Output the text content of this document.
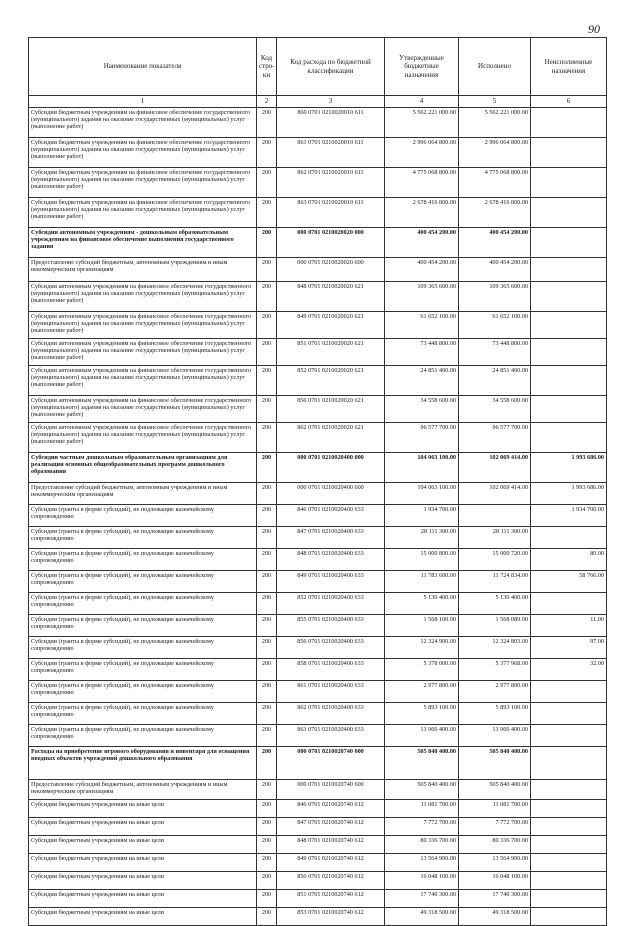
90
Наименование показателя	Код стро-ки	Код расхода по бюджетной классификации	Утвержденные бюджетные назначения	Исполнено	Неисполненные назначения
1	2	3	4	5	6
Субсидии бюджетным учреждениям на финансовое обеспечение государственного (муниципального) задания на оказание государственных (муниципальных) услуг (выполнение работ)	200	860 0701 0210020010 611	5 562 221 000.00	5 562 221 000.00	
Субсидии бюджетным учреждениям на финансовое обеспечение государственного (муниципального) задания на оказание государственных (муниципальных) услуг (выполнение работ)	200	861 0701 0210020010 611	2 996 064 800.00	2 996 064 800.00	
Субсидии бюджетным учреждениям на финансовое обеспечение государственного (муниципального) задания на оказание государственных (муниципальных) услуг (выполнение работ)	200	862 0701 0210020010 611	4 775 068 800.00	4 775 068 800.00	
Субсидии бюджетным учреждениям на финансовое обеспечение государственного (муниципального) задания на оказание государственных (муниципальных) услуг (выполнение работ)	200	863 0701 0210020010 611	2 678 416 800.00	2 678 416 800.00	
Субсидии автономным учреждениям - дошкольным образовательным учреждениям на финансовое обеспечение выполнения государственного задания	200	000 0701 0210020020 000	400 454 200.00	400 454 200.00	
Предоставление субсидий бюджетным, автономным учреждениям и иным некоммерческим организациям	200	000 0701 0210020020 600	400 454 200.00	400 454 200.00	
Субсидии автономным учреждениям на финансовое обеспечение государственного (муниципального) задания на оказание государственных (муниципальных) услуг (выполнение работ)	200	848 0701 0210020020 621	109 365 600.00	109 365 600.00	
Субсидии автономным учреждениям на финансовое обеспечение государственного (муниципального) задания на оказание государственных (муниципальных) услуг (выполнение работ)	200	849 0701 0210020020 621	61 652 100.00	61 652 100.00	
Субсидии автономным учреждениям на финансовое обеспечение государственного (муниципального) задания на оказание государственных (муниципальных) услуг (выполнение работ)	200	851 0701 0210020020 621	73 448 800.00	73 448 800.00	
Субсидии автономным учреждениям на финансовое обеспечение государственного (муниципального) задания на оказание государственных (муниципальных) услуг (выполнение работ)	200	852 0701 0210020020 621	24 851 400.00	24 851 400.00	
Субсидии автономным учреждениям на финансовое обеспечение государственного (муниципального) задания на оказание государственных (муниципальных) услуг (выполнение работ)	200	856 0701 0210020020 621	34 558 600.00	34 558 600.00	
Субсидии автономным учреждениям на финансовое обеспечение государственного (муниципального) задания на оказание государственных (муниципальных) услуг (выполнение работ)	200	862 0701 0210020020 621	96 577 700.00	96 577 700.00	
Субсидии частным дошкольным образовательным организациям для реализации основных общеобразовательных программ дошкольного образования	200	000 0701 0210020400 000	104 063 100.00	102 069 414.00	1 993 686.00
Предоставление субсидий бюджетным, автономным учреждениям и иным некоммерческим организациям	200	000 0701 0210020400 600	104 063 100.00	102 069 414.00	1 993 686.00
Субсидии (гранты в форме субсидий), не подлежащие казначейскому сопровождению	200	846 0701 0210020400 633	1 934 700.00		1 934 700.00
Субсидии (гранты в форме субсидий), не подлежащие казначейскому сопровождению	200	847 0701 0210020400 633	28 111 300.00	28 111 300.00	
Субсидии (гранты в форме субсидий), не подлежащие казначейскому сопровождению	200	848 0701 0210020400 633	15 000 800.00	15 000 720.00	80.00
Субсидии (гранты в форме субсидий), не подлежащие казначейскому сопровождению	200	849 0701 0210020400 633	11 783 600.00	11 724 834.00	58 766.00
Субсидии (гранты в форме субсидий), не подлежащие казначейскому сопровождению	200	852 0701 0210020400 633	5 130 400.00	5 130 400.00	
Субсидии (гранты в форме субсидий), не подлежащие казначейскому сопровождению	200	855 0701 0210020400 633	1 568 100.00	1 568 089.00	11.00
Субсидии (гранты в форме субсидий), не подлежащие казначейскому сопровождению	200	856 0701 0210020400 633	12 324 900.00	12 324 803.00	97.00
Субсидии (гранты в форме субсидий), не подлежащие казначейскому сопровождению	200	858 0701 0210020400 633	5 378 000.00	5 377 968.00	32.00
Субсидии (гранты в форме субсидий), не подлежащие казначейскому сопровождению	200	861 0701 0210020400 633	2 977 800.00	2 977 800.00	
Субсидии (гранты в форме субсидий), не подлежащие казначейскому сопровождению	200	862 0701 0210020400 633	5 893 100.00	5 893 100.00	
Субсидии (гранты в форме субсидий), не подлежащие казначейскому сопровождению	200	863 0701 0210020400 633	13 960 400.00	13 960 400.00	
Расходы на приобретение игрового оборудования и инвентаря для оснащения вводных объектов учреждений дошкольного образования	200	000 0701 0210020740 000	505 840 400.00	505 840 400.00	
Предоставление субсидий бюджетным, автономным учреждениям и иным некоммерческим организациям	200	000 0701 0210020740 600	505 840 400.00	505 840 400.00	
Субсидии бюджетным учреждениям на иные цели	200	846 0701 0210020740 612	11 081 700.00	11 081 700.00	
Субсидии бюджетным учреждениям на иные цели	200	847 0701 0210020740 612	7 772 700.00	7 772 700.00	
Субсидии бюджетным учреждениям на иные цели	200	848 0701 0210020740 612	80 336 700.00	80 336 700.00	
Субсидии бюджетным учреждениям на иные цели	200	849 0701 0210020740 612	13 564 900.00	13 564 900.00	
Субсидии бюджетным учреждениям на иные цели	200	850 0701 0210020740 612	16 048 100.00	16 048 100.00	
Субсидии бюджетным учреждениям на иные цели	200	851 0701 0210020740 612	17 740 300.00	17 740 300.00	
Субсидии бюджетным учреждениям на иные цели	200	853 0701 0210020740 612	49 318 500.00	49 318 500.00	
